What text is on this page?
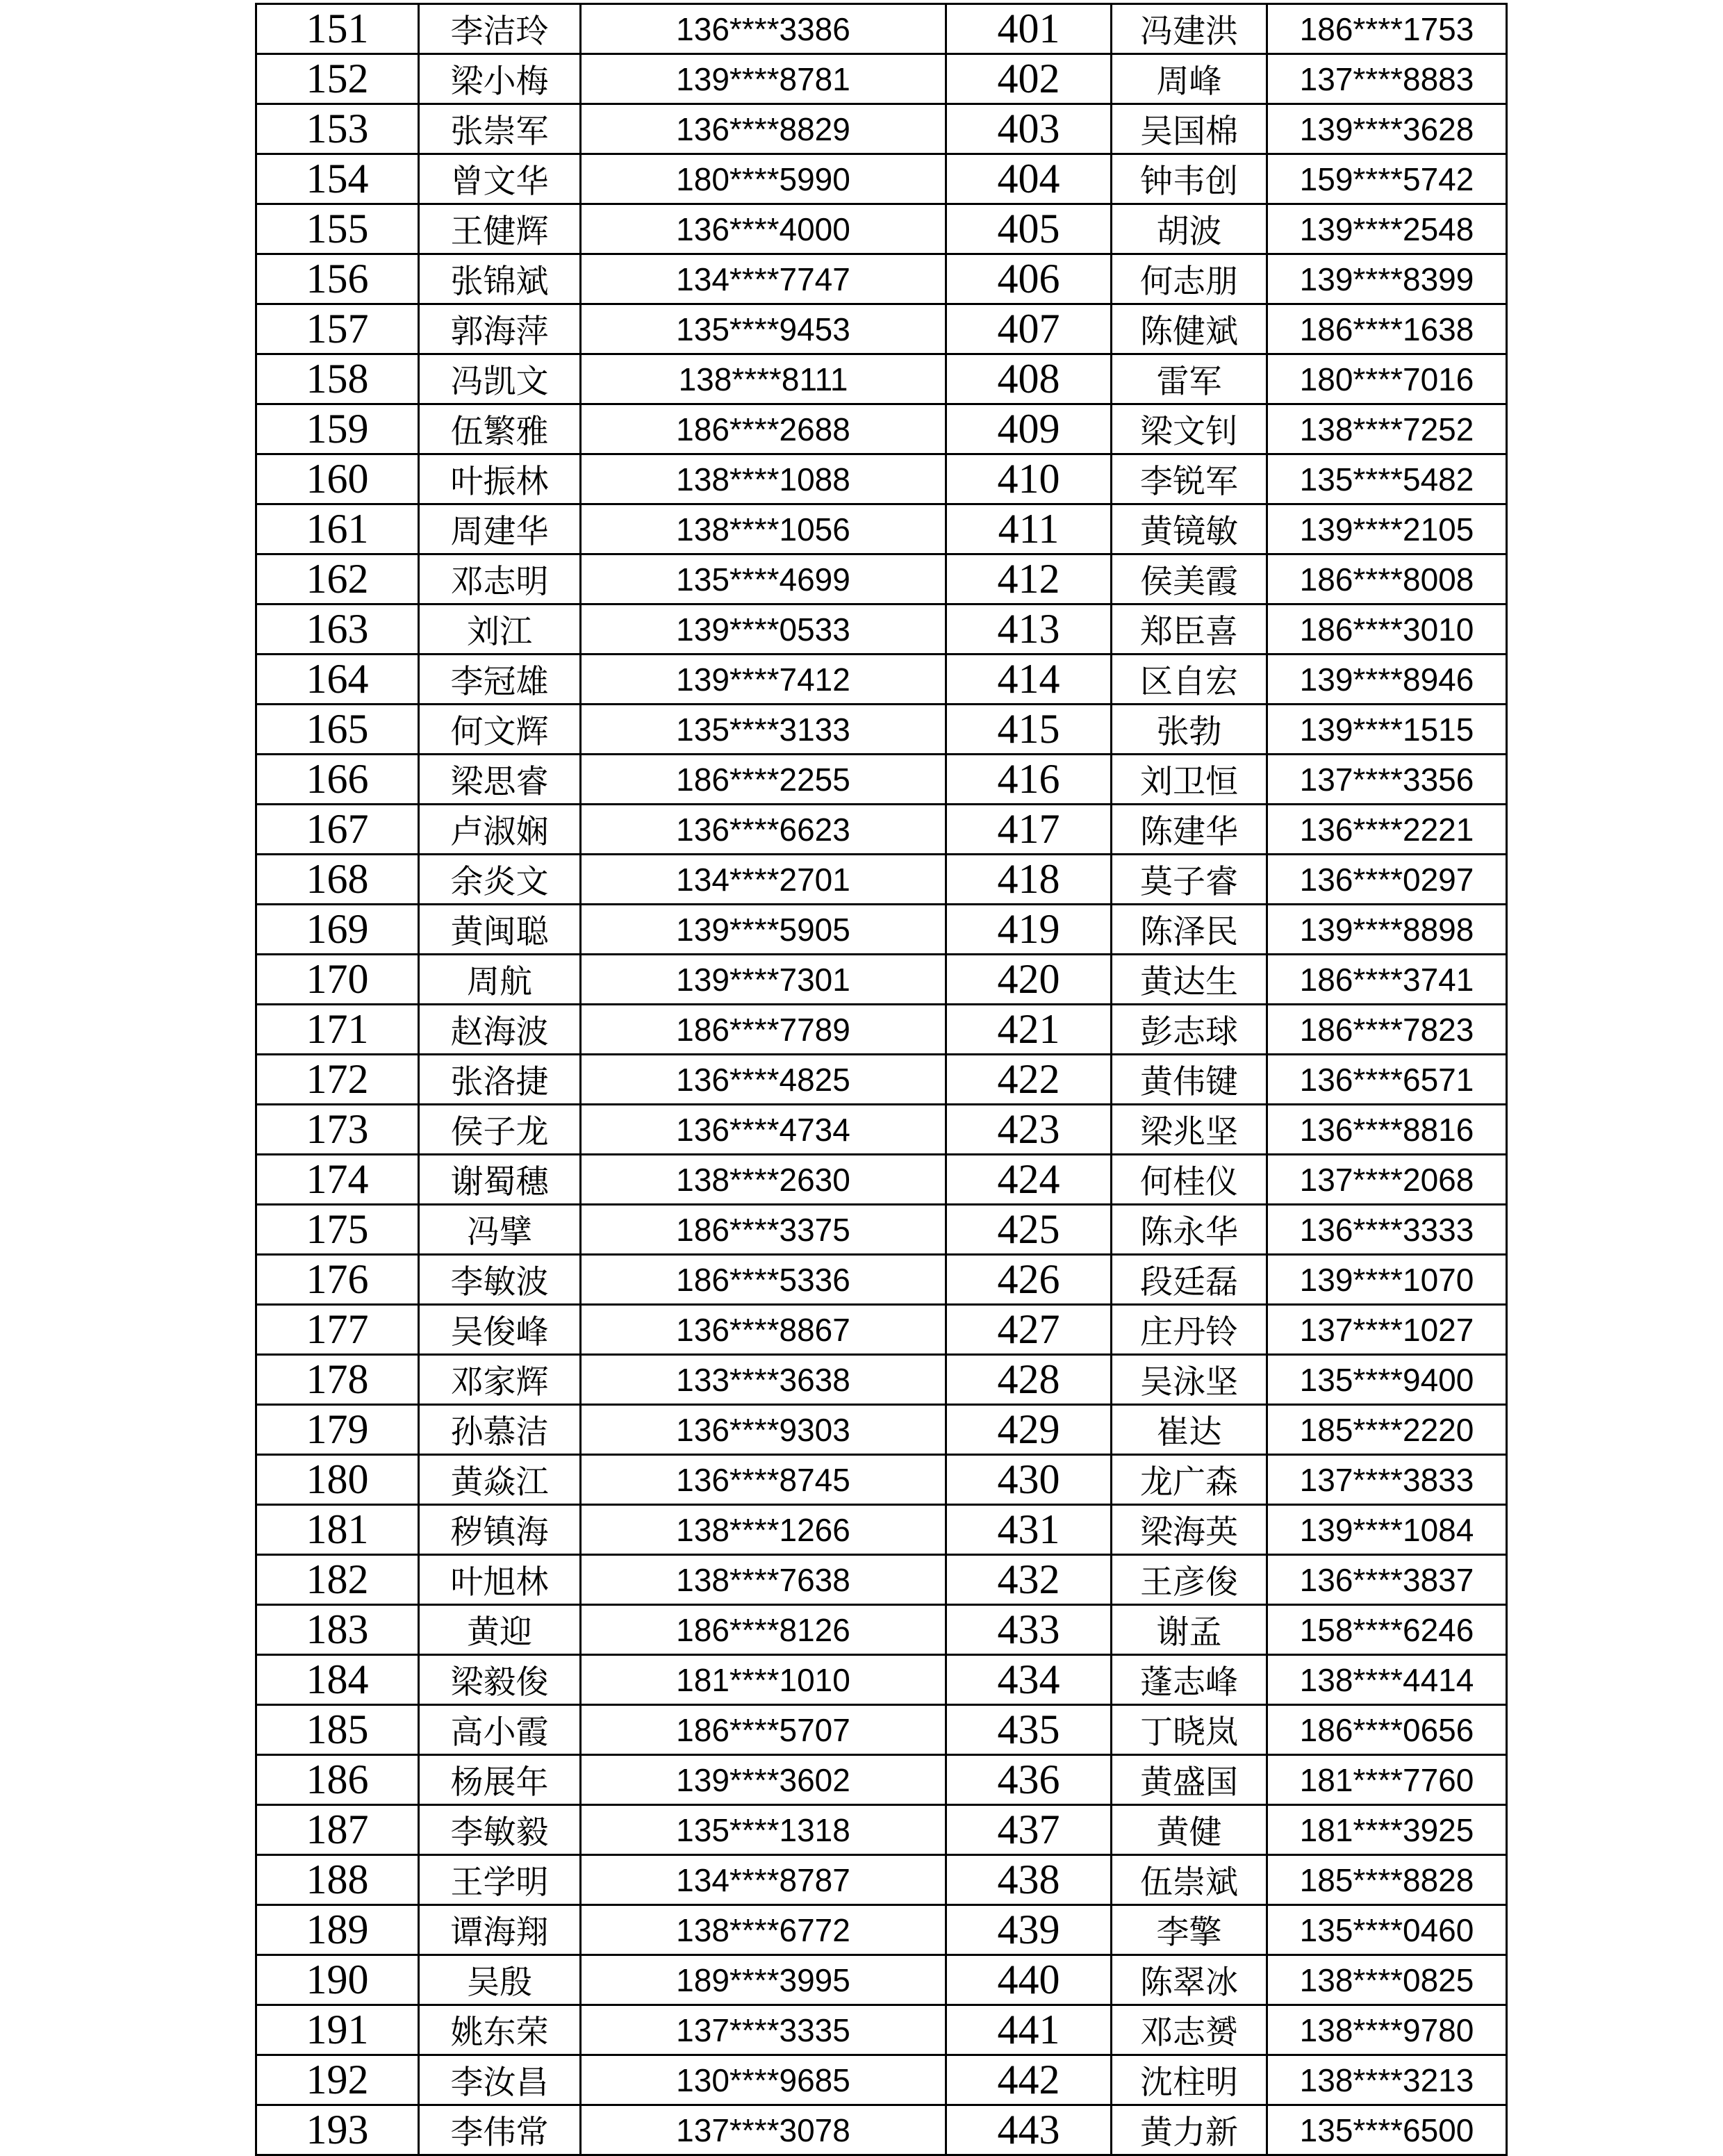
151	李洁玲	136****3386	401	冯建洪	186****1753
152	梁小梅	139****8781	402	周峰	137****8883
153	张崇军	136****8829	403	吴国棉	139****3628
154	曾文华	180****5990	404	钟韦创	159****5742
155	王健辉	136****4000	405	胡波	139****2548
156	张锦斌	134****7747	406	何志朋	139****8399
157	郭海萍	135****9453	407	陈健斌	186****1638
158	冯凯文	138****8111	408	雷军	180****7016
159	伍繁雅	186****2688	409	梁文钊	138****7252
160	叶振林	138****1088	410	李锐军	135****5482
161	周建华	138****1056	411	黄镜敏	139****2105
162	邓志明	135****4699	412	侯美霞	186****8008
163	刘江	139****0533	413	郑臣喜	186****3010
164	李冠雄	139****7412	414	区自宏	139****8946
165	何文辉	135****3133	415	张勃	139****1515
166	梁思睿	186****2255	416	刘卫恒	137****3356
167	卢淑娴	136****6623	417	陈建华	136****2221
168	余炎文	134****2701	418	莫子睿	136****0297
169	黄闽聪	139****5905	419	陈泽民	139****8898
170	周航	139****7301	420	黄达生	186****3741
171	赵海波	186****7789	421	彭志球	186****7823
172	张洛捷	136****4825	422	黄伟键	136****6571
173	侯子龙	136****4734	423	梁兆坚	136****8816
174	谢蜀穗	138****2630	424	何桂仪	137****2068
175	冯擘	186****3375	425	陈永华	136****3333
176	李敏波	186****5336	426	段廷磊	139****1070
177	吴俊峰	136****8867	427	庄丹铃	137****1027
178	邓家辉	133****3638	428	吴泳坚	135****9400
179	孙慕洁	136****9303	429	崔达	185****2220
180	黄焱江	136****8745	430	龙广森	137****3833
181	秽镇海	138****1266	431	梁海英	139****1084
182	叶旭林	138****7638	432	王彦俊	136****3837
183	黄迎	186****8126	433	谢孟	158****6246
184	梁毅俊	181****1010	434	蓬志峰	138****4414
185	高小霞	186****5707	435	丁晓岚	186****0656
186	杨展年	139****3602	436	黄盛国	181****7760
187	李敏毅	135****1318	437	黄健	181****3925
188	王学明	134****8787	438	伍崇斌	185****8828
189	谭海翔	138****6772	439	李擎	135****0460
190	吴殷	189****3995	440	陈翠冰	138****0825
191	姚东荣	137****3335	441	邓志赟	138****9780
192	李汝昌	130****9685	442	沈柱明	138****3213
193	李伟常	137****3078	443	黄力新	135****6500
